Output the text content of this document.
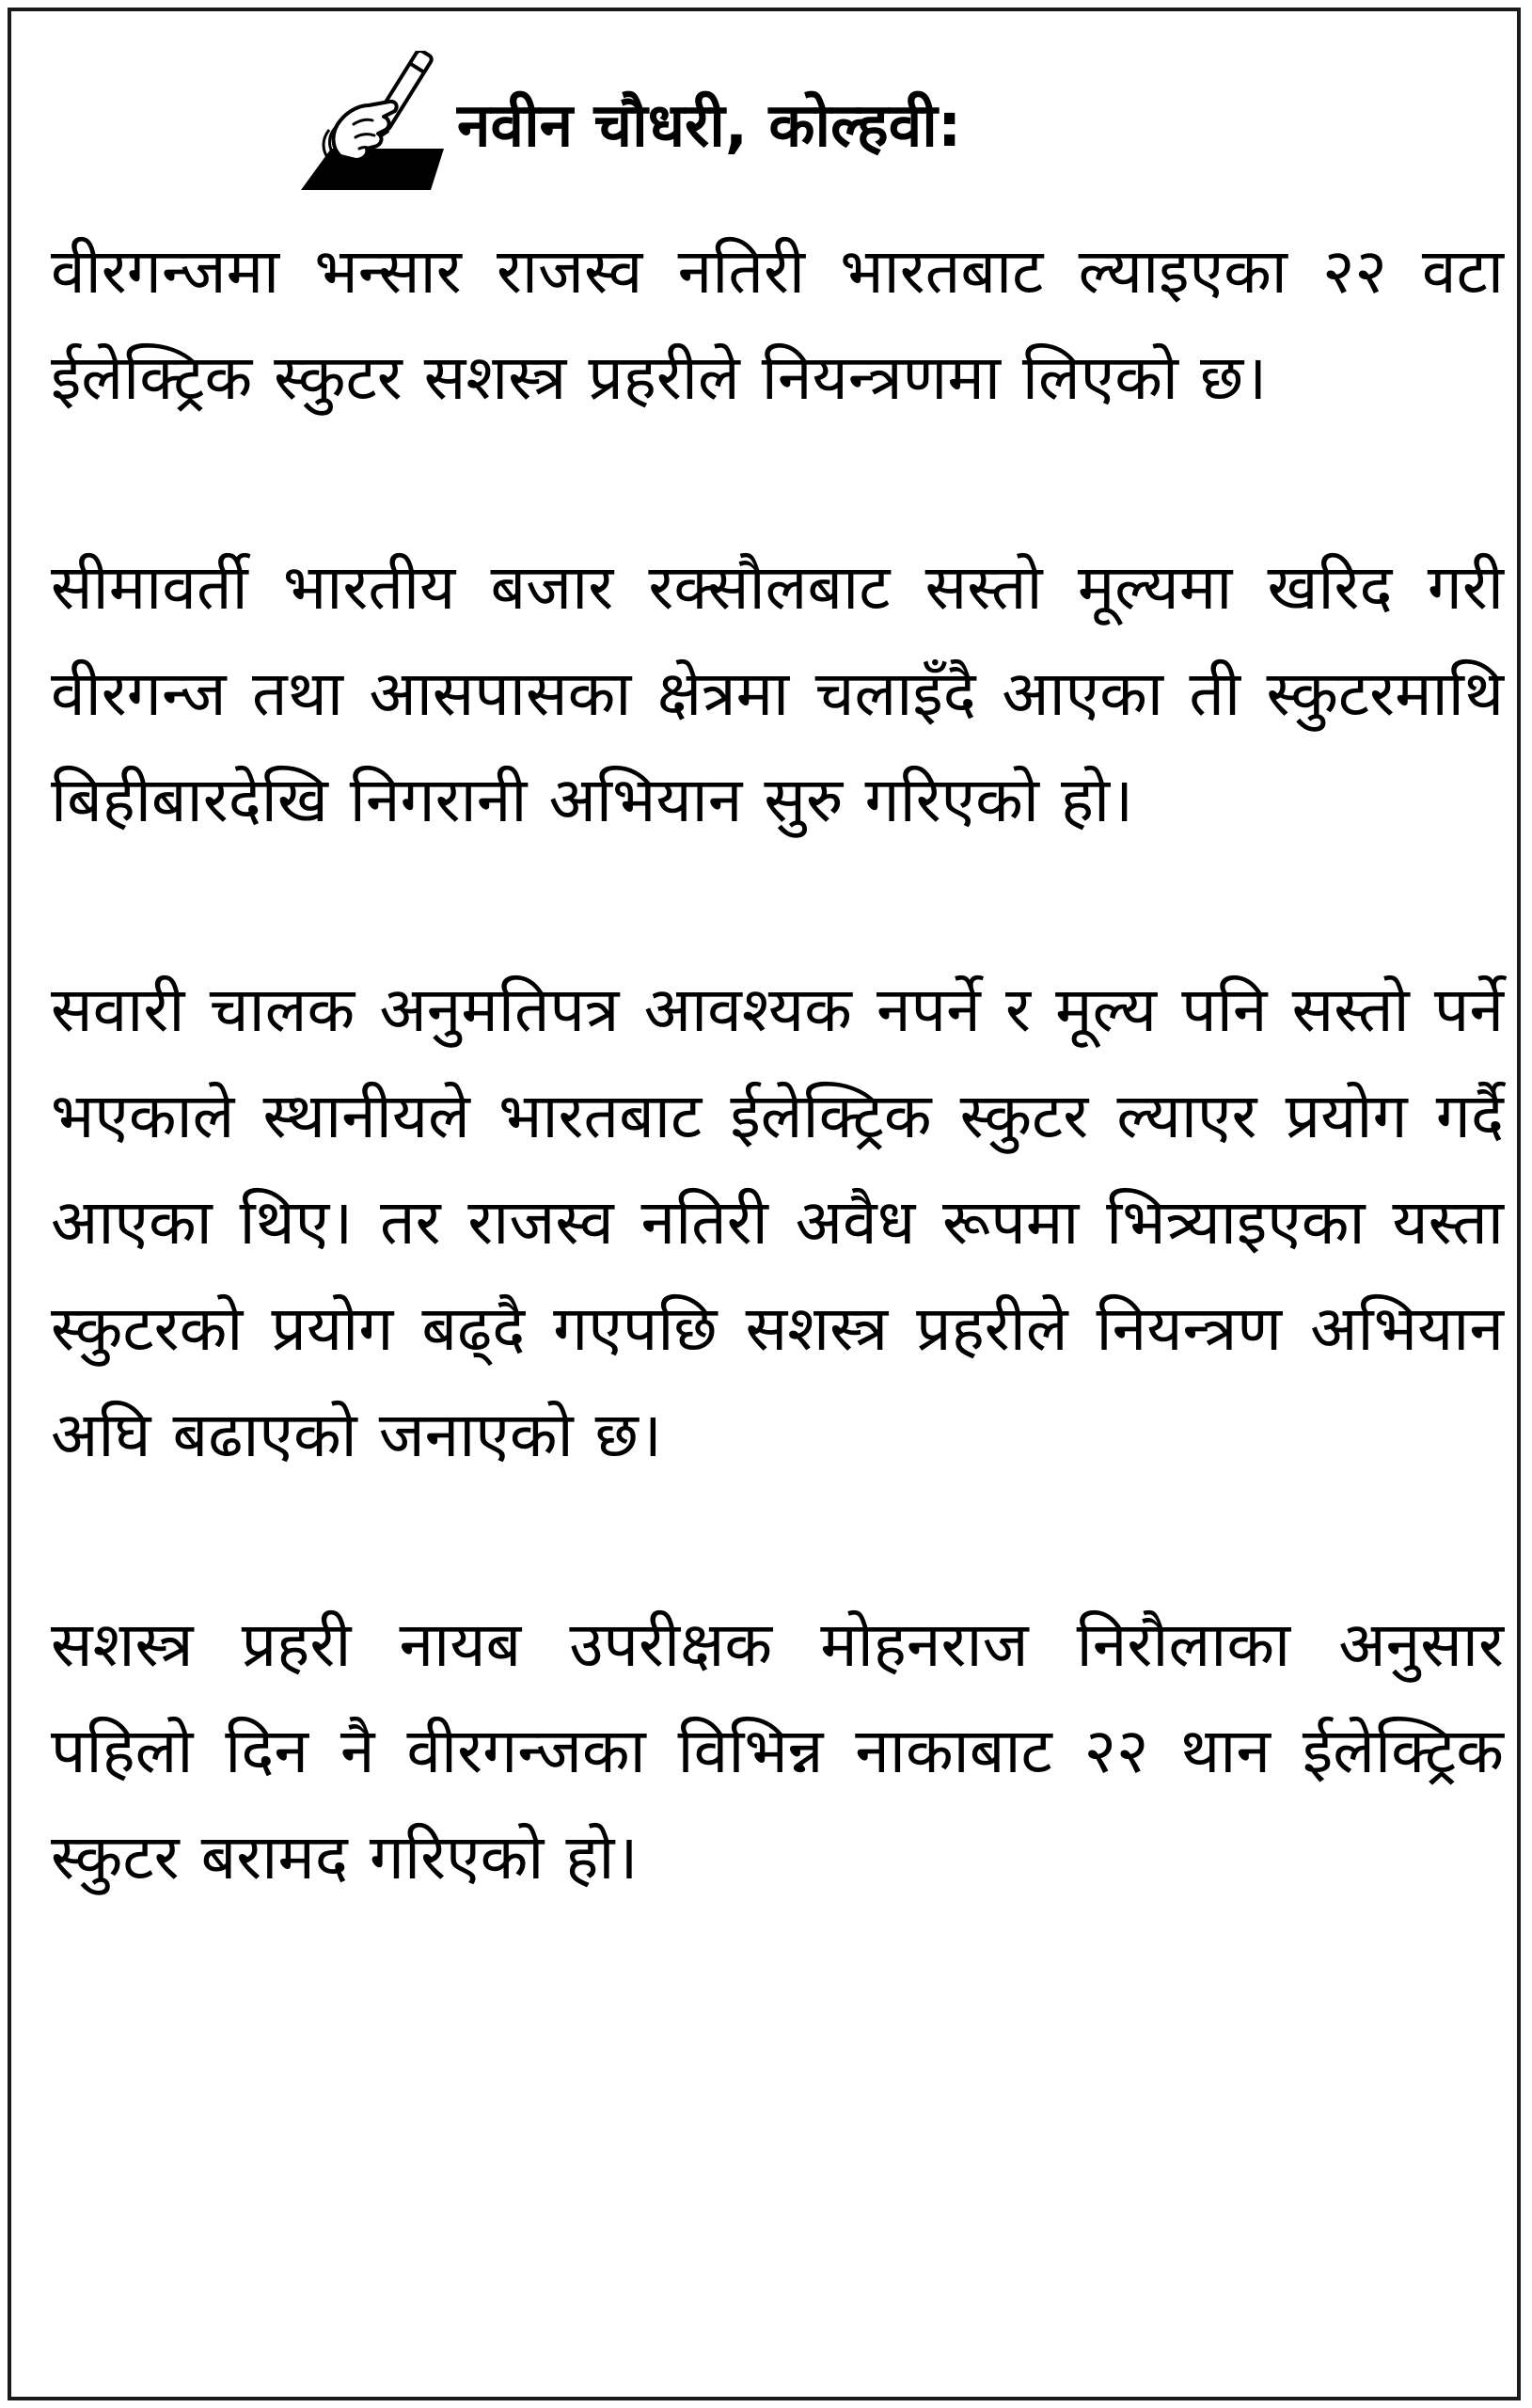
नवीन चौधरी, कोल्हवी:

वीरगन्जमा भन्सार राजस्व नतिरी भारतबाट ल्याइएका २२ वटा ईलेक्ट्रिक स्कुटर सशस्त्र प्रहरीले नियन्त्रणमा लिएको छ।

सीमावर्ती भारतीय बजार रक्सौलबाट सस्तो मूल्यमा खरिद गरी वीरगन्ज तथा आसपासका क्षेत्रमा चलाइँदै आएका ती स्कुटरमाथि बिहीबारदेखि निगरानी अभियान सुरु गरिएको हो।

सवारी चालक अनुमतिपत्र आवश्यक नपर्ने र मूल्य पनि सस्तो पर्ने भएकाले स्थानीयले भारतबाट ईलेक्ट्रिक स्कुटर ल्याएर प्रयोग गर्दै आएका थिए। तर राजस्व नतिरी अवैध रूपमा भित्र्याइएका यस्ता स्कुटरको प्रयोग बढ्दै गएपछि सशस्त्र प्रहरीले नियन्त्रण अभियान अघि बढाएको जनाएको छ।

सशस्त्र प्रहरी नायब उपरीक्षक मोहनराज निरौलाका अनुसार पहिलो दिन नै वीरगन्जका विभिन्न नाकाबाट २२ थान ईलेक्ट्रिक स्कुटर बरामद गरिएको हो।
